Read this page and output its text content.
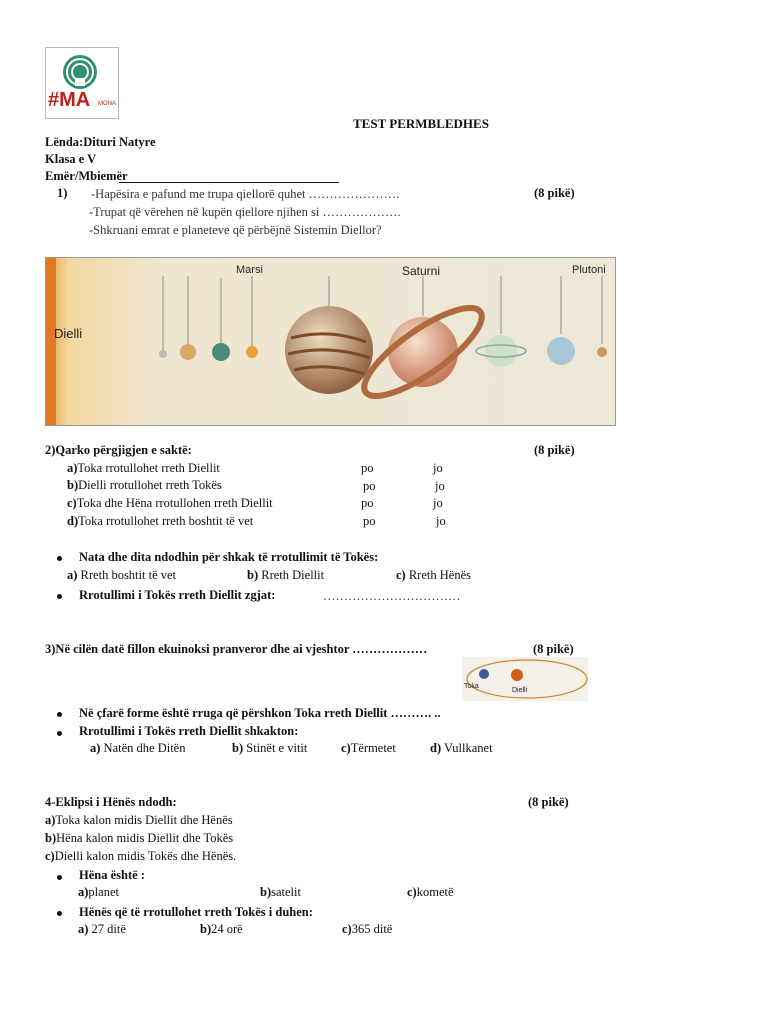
#MA MONA
TEST PERMBLEDHES
Lënda:Dituri Natyre
Klasa e V
Emër/Mbiemër
1) -Hapësira e pafund me trupa qiellorë quhet ………………….	(8 pikë)
-Trupat që vërehen në kupën qiellore njihen si ……………….
-Shkruani emrat e planeteve që përbëjnë Sistemin Diellor?
Dielli
Marsi	Saturni	Plutoni
2)Qarko përgjigjen e saktë:	(8 pikë)
a)Toka rrotullohet rreth Diellit	po	jo
b)Dielli rrotullohet rreth Tokës	po	jo
c)Toka dhe Hëna rrotullohen rreth Diellit	po	jo
d)Toka rrotullohet rreth boshtit të vet	po	jo
Nata dhe dita ndodhin për shkak të rrotullimit të Tokës:
a) Rreth boshtit të vet	b) Rreth Diellit	c) Rreth Hënës
Rrotullimi i Tokës rreth Diellit zgjat:	……………………………
3)Në cilën datë fillon ekuinoksi pranveror dhe ai vjeshtor ………………	(8 pikë)
Toka
Dielli
Në çfarë forme është rruga që përshkon Toka rreth Diellit ………. ..
Rrotullimi i Tokës rreth Diellit shkakton:
a) Natën dhe Ditën	b) Stinët e vitit	c)Tërmetet	d) Vullkanet
4-Eklipsi i Hënës ndodh:	(8 pikë)
a)Toka kalon midis Diellit dhe Hënës
b)Hëna kalon midis Diellit dhe Tokës
c)Dielli kalon midis Tokës dhe Hënës.
Hëna është :
a)planet	b)satelit	c)kometë
Hënës që të rrotullohet rreth Tokës i duhen:
a) 27 ditë	b)24 orë	c)365 ditë
